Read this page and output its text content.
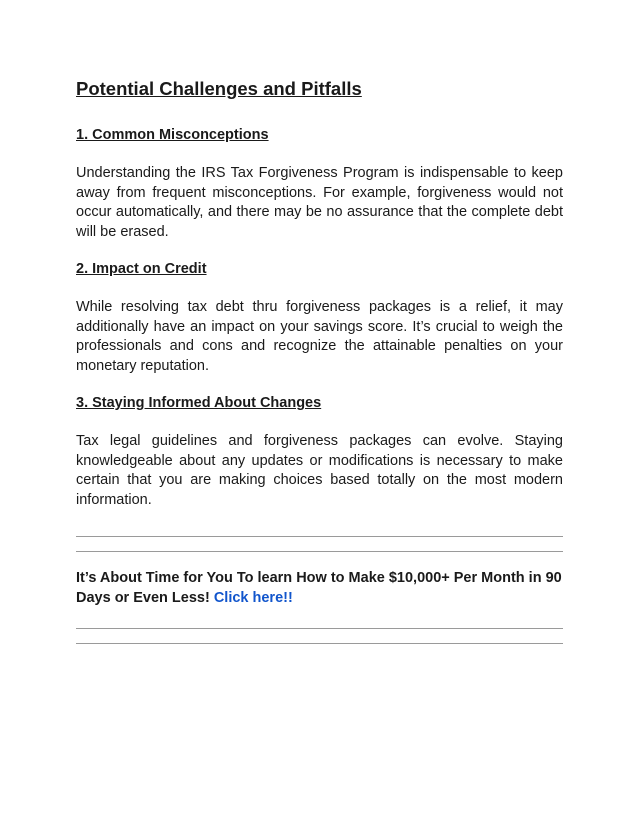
Potential Challenges and Pitfalls
1. Common Misconceptions

Understanding the IRS Tax Forgiveness Program is indispensable to keep away from frequent misconceptions. For example, forgiveness would not occur automatically, and there may be no assurance that the complete debt will be erased.

2. Impact on Credit

While resolving tax debt thru forgiveness packages is a relief, it may additionally have an impact on your savings score. It’s crucial to weigh the professionals and cons and recognize the attainable penalties on your monetary reputation.

3. Staying Informed About Changes

Tax legal guidelines and forgiveness packages can evolve. Staying knowledgeable about any updates or modifications is necessary to make certain that you are making choices based totally on the most modern information.

It’s About Time for You To learn How to Make $10,000+ Per Month in 90 Days or Even Less! Click here!!
